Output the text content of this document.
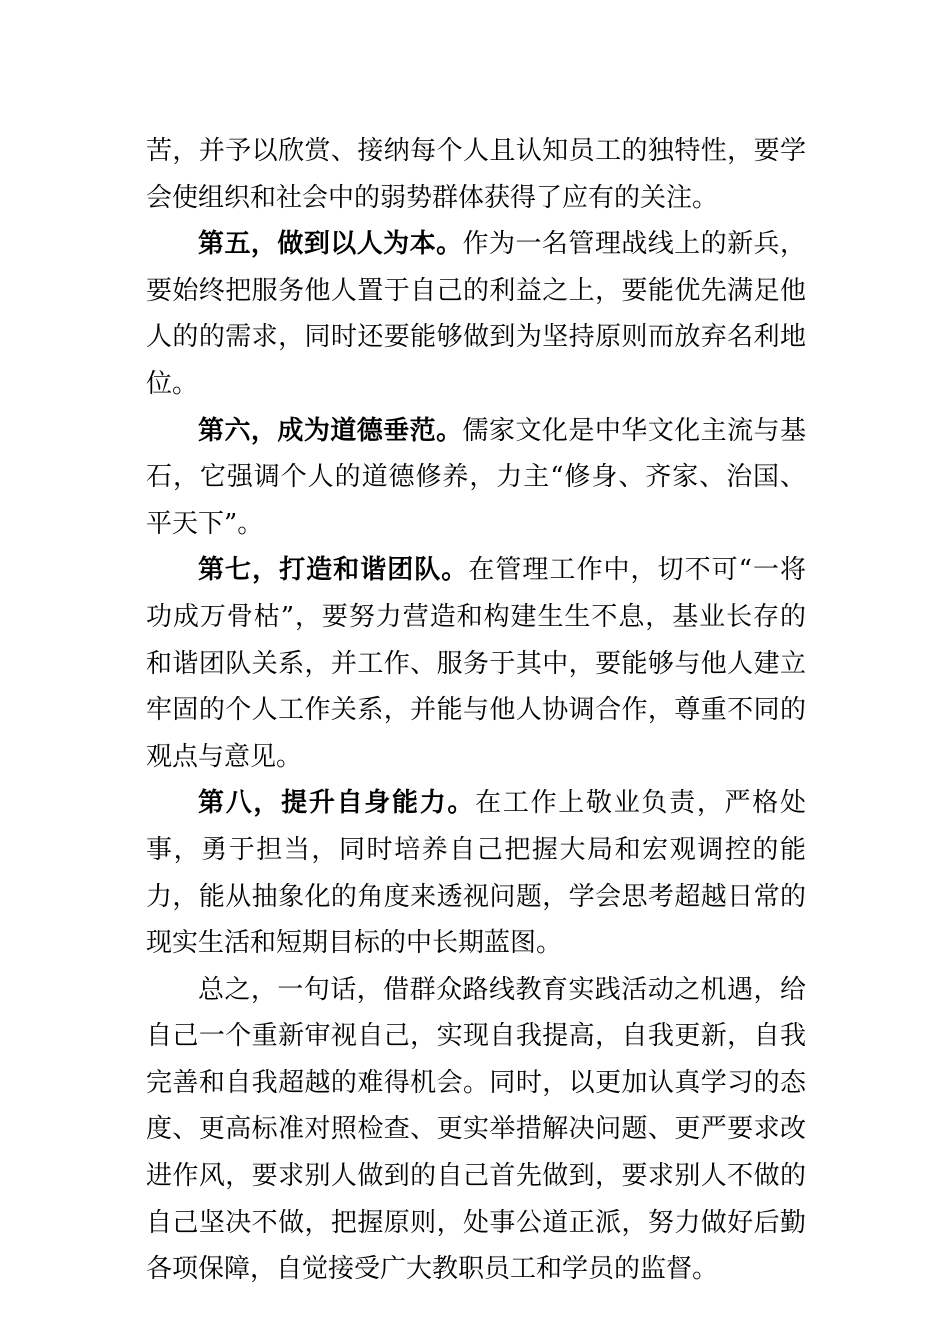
苦，并予以欣赏、接纳每个人且认知员工的独特性，要学会使组织和社会中的弱势群体获得了应有的关注。

第五，做到以人为本。作为一名管理战线上的新兵，要始终把服务他人置于自己的利益之上，要能优先满足他人的的需求，同时还要能够做到为坚持原则而放弃名利地位。

第六，成为道德垂范。儒家文化是中华文化主流与基石，它强调个人的道德修养，力主“修身、齐家、治国、平天下”。

第七，打造和谐团队。在管理工作中，切不可“一将功成万骨枯”，要努力营造和构建生生不息，基业长存的和谐团队关系，并工作、服务于其中，要能够与他人建立牢固的个人工作关系，并能与他人协调合作，尊重不同的观点与意见。

第八，提升自身能力。在工作上敬业负责，严格处事，勇于担当，同时培养自己把握大局和宏观调控的能力，能从抽象化的角度来透视问题，学会思考超越日常的现实生活和短期目标的中长期蓝图。

总之，一句话，借群众路线教育实践活动之机遇，给自己一个重新审视自己，实现自我提高，自我更新，自我完善和自我超越的难得机会。同时，以更加认真学习的态度、更高标准对照检查、更实举措解决问题、更严要求改进作风，要求别人做到的自己首先做到，要求别人不做的自己坚决不做，把握原则，处事公道正派，努力做好后勤各项保障，自觉接受广大教职员工和学员的监督。
